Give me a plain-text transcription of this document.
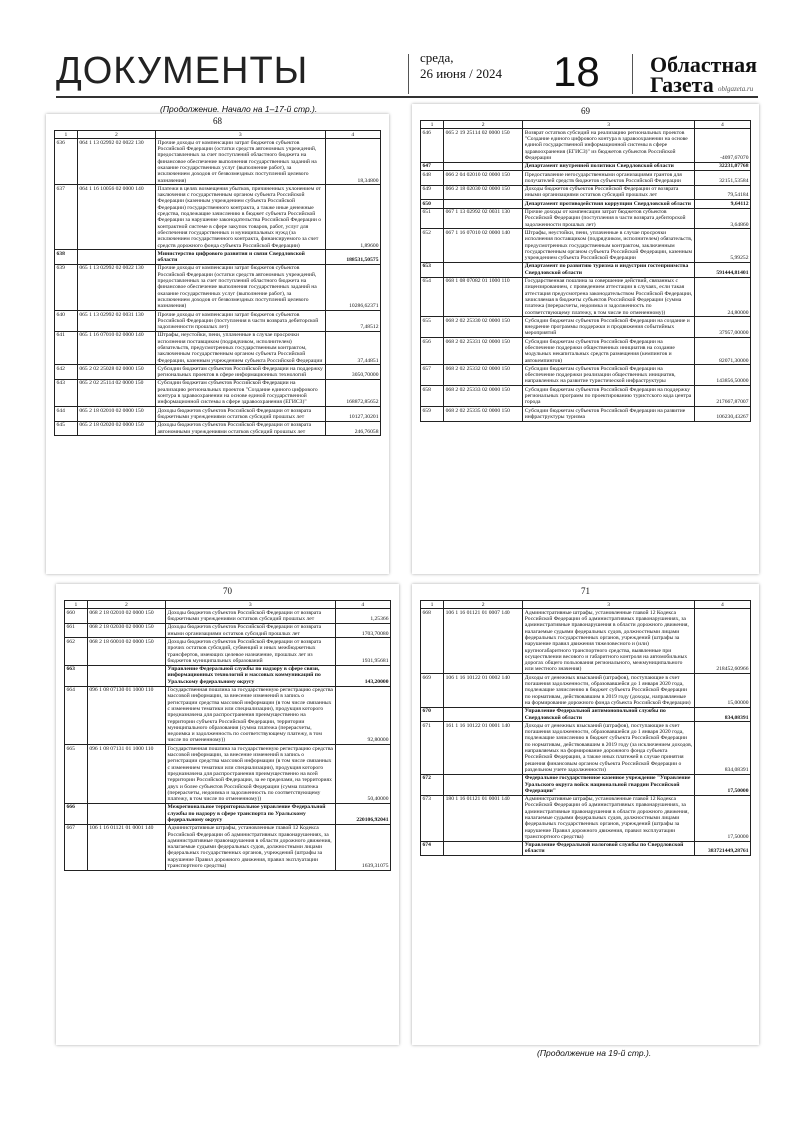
ДОКУМЕНТЫ	среда,
26 июня / 2024 18 Областная
Газета oblgazeta.ru
(Продолжение. Начало на 1–17-й стр.).
68
1	2	3	4
636	064 1 13 02992 02 0022 130	Прочие доходы от компенсации затрат бюджетов субъектов Российской Федерации (остатки средств автономных учреждений, предоставленных за счет поступлений областного бюджета на финансовое обеспечение выполнения государственных заданий на оказание государственных услуг (выполнение работ), за исключением доходов от безвозмездных поступлений целевого назначения)	18,34800
637	064 1 16 10056 02 0000 140	Платежи в целях возмещения убытков, причиненных уклонением от заключения с государственным органом субъекта Российской Федерации (казенным учреждением субъекта Российской Федерации) государственного контракта, а также иные денежные средства, подлежащие зачислению в бюджет субъекта Российской Федерации за нарушение законодательства Российской Федерации о контрактной системе в сфере закупок товаров, работ, услуг для обеспечения государственных и муниципальных нужд (за исключением государственного контракта, финансируемого за счет средств дорожного фонда субъекта Российской Федерации)	1,89600
638		Министерство цифрового развития и связи Свердловской области	188531,50575
639	065 1 13 02992 02 0022 130	Прочие доходы от компенсации затрат бюджетов субъектов Российской Федерации (остатки средств автономных учреждений, предоставленных за счет поступлений областного бюджета на финансовое обеспечение выполнения государственных заданий на оказание государственных услуг (выполнение работ), за исключением доходов от безвозмездных поступлений целевого назначения)	10286,62371
640	065 1 13 02992 02 0031 130	Прочие доходы от компенсации затрат бюджетов субъектов Российской Федерации (поступления в части возврата дебиторской задолженности прошлых лет)	7,48512
641	065 1 16 07010 02 0000 140	Штрафы, неустойки, пени, уплаченные в случае просрочки исполнения поставщиком (подрядчиком, исполнителем) обязательств, предусмотренных государственным контрактом, заключенным государственным органом субъекта Российской Федерации, казенным учреждением субъекта Российской Федерации	37,44851
642	065 2 02 25028 02 0000 150	Субсидии бюджетам субъектов Российской Федерации на поддержку региональных проектов в сфере информационных технологий	3050,70000
643	065 2 02 25114 02 0000 150	Субсидии бюджетам субъектов Российской Федерации на реализацию региональных проектов "Создание единого цифрового контура в здравоохранении на основе единой государственной информационной системы в сфере здравоохранения (ЕГИСЗ)"	168872,85652
644	065 2 18 02010 02 0000 150	Доходы бюджетов субъектов Российской Федерации от возврата бюджетными учреждениями остатков субсидий прошлых лет	10127,30201
645	065 2 18 02020 02 0000 150	Доходы бюджетов субъектов Российской Федерации от возврата автономными учреждениями остатков субсидий прошлых лет	246,76058
69
1	2	3	4
646	065 2 19 25114 02 0000 150	Возврат остатков субсидий на реализацию региональных проектов "Создание единого цифрового контура в здравоохранении на основе единой государственной информационной системы в сфере здравоохранения (ЕГИСЗ)" из бюджетов субъектов Российской Федерации	-4097,67070
647		Департамент внутренней политики Свердловской области	32231,07768
648	066 2 04 02010 02 0000 150	Предоставление негосударственными организациями грантов для получателей средств бюджетов субъектов Российской Федерации	32151,53584
649	066 2 18 02030 02 0000 150	Доходы бюджетов субъектов Российской Федерации от возврата иными организациями остатков субсидий прошлых лет	79,54184
650		Департамент противодействия коррупции Свердловской области	9,64112
651	067 1 13 02992 02 0031 130	Прочие доходы от компенсации затрат бюджетов субъектов Российской Федерации (поступления в части возврата дебиторской задолженности прошлых лет)	3,64860
652	067 1 16 07010 02 0000 140	Штрафы, неустойки, пени, уплаченные в случае просрочки исполнения поставщиком (подрядчиком, исполнителем) обязательств, предусмотренных государственным контрактом, заключенным государственным органом субъекта Российской Федерации, казенным учреждением субъекта Российской Федерации	5,99252
653		Департамент по развитию туризма и индустрии гостеприимства Свердловской области	591444,81401
654	068 1 08 07082 01 1000 110	Государственная пошлина за совершение действий, связанных с лицензированием, с проведением аттестации в случаях, если такая аттестация предусмотрена законодательством Российской Федерации, зачисляемая в бюджеты субъектов Российской Федерации (сумма платежа (перерасчеты, недоимка и задолженность по соответствующему платежу, в том числе по отмененному))	24,80000
655	068 2 02 25330 02 0000 150	Субсидии бюджетам субъектов Российской Федерации на создание и внедрение программы поддержки и продвижения событийных мероприятий	37957,00000
656	068 2 02 25331 02 0000 150	Субсидии бюджетам субъектов Российской Федерации на обеспечение поддержки общественных инициатив на создание модульных некапитальных средств размещения (кемпингов и автокемпингов)	82071,30000
657	068 2 02 25332 02 0000 150	Субсидии бюджетам субъектов Российской Федерации на обеспечение поддержки реализации общественных инициатив, направленных на развитие туристической инфраструктуры	143856,50000
658	068 2 02 25333 02 0000 150	Субсидии бюджетам субъектов Российской Федерации на поддержку региональных программ по проектированию туристского кода центра города	217667,87007
659	068 2 02 25335 02 0000 150	Субсидии бюджетам субъектов Российской Федерации на развитие инфраструктуры туризма	106230,43267
70
1	2	3	4
660	068 2 18 02010 02 0000 150	Доходы бюджетов субъектов Российской Федерации от возврата бюджетными учреждениями остатков субсидий прошлых лет	1,25366
661	068 2 18 02030 02 0000 150	Доходы бюджетов субъектов Российской Федерации от возврата иными организациями остатков субсидий прошлых лет	1703,70080
662	068 2 18 60010 02 0000 150	Доходы бюджетов субъектов Российской Федерации от возврата прочих остатков субсидий, субвенций и иных межбюджетных трансфертов, имеющих целевое назначение, прошлых лет из бюджетов муниципальных образований	1931,95681
663		Управление Федеральной службы по надзору в сфере связи, информационных технологий и массовых коммуникаций по Уральскому федеральному округу	143,20000
664	096 1 08 07130 01 1000 110	Государственная пошлина за государственную регистрацию средства массовой информации, за внесение изменений в запись о регистрации средства массовой информации (в том числе связанных с изменением тематики или специализации), продукция которого предназначена для распространения преимущественно на территории субъекта Российской Федерации, территории муниципального образования (сумма платежа (перерасчеты, недоимка и задолженность по соответствующему платежу, в том числе по отмененному))	92,80000
665	096 1 08 07131 01 1000 110	Государственная пошлина за государственную регистрацию средства массовой информации, за внесение изменений в запись о регистрации средства массовой информации (в том числе связанных с изменением тематики или специализации), продукция которого предназначена для распространения преимущественно на всей территории Российской Федерации, за ее пределами, на территориях двух и более субъектов Российской Федерации (сумма платежа (перерасчеты, недоимка и задолженность по соответствующему платежу, в том числе по отмененному))	50,40000
666		Межрегиональное территориальное управление Федеральной службы по надзору в сфере транспорта по Уральскому федеральному округу	220106,92041
667	106 1 16 01121 01 0001 140	Административные штрафы, установленные главой 12 Кодекса Российской Федерации об административных правонарушениях, за административные правонарушения в области дорожного движения, налагаемые судьями федеральных судов, должностными лицами федеральных государственных органов, учреждений (штрафы за нарушение Правил дорожного движения, правил эксплуатации транспортного средства)	1639,31075
71
1	2	3	4
668	106 1 16 01121 01 0007 140	Административные штрафы, установленные главой 12 Кодекса Российской Федерации об административных правонарушениях, за административные правонарушения в области дорожного движения, налагаемые судьями федеральных судов, должностными лицами федеральных государственных органов, учреждений (штрафы за нарушение правил движения тяжеловесного и (или) крупногабаритного транспортного средства, выявленные при осуществлении весового и габаритного контроля на автомобильных дорогах общего пользования регионального, межмуниципального или местного значения)	218452,60966
669	106 1 16 10122 01 0002 140	Доходы от денежных взысканий (штрафов), поступающие в счет погашения задолженности, образовавшейся до 1 января 2020 года, подлежащие зачислению в бюджет субъекта Российской Федерации по нормативам, действовавшим в 2019 году (доходы, направляемые на формирование дорожного фонда субъекта Российской Федерации)	15,00000
670		Управление Федеральной антимонопольной службы по Свердловской области	834,08391
671	161 1 16 10122 01 0001 140	Доходы от денежных взысканий (штрафов), поступающие в счет погашения задолженности, образовавшейся до 1 января 2020 года, подлежащие зачислению в бюджет субъекта Российской Федерации по нормативам, действовавшим в 2019 году (за исключением доходов, направляемых на формирование дорожного фонда субъекта Российской Федерации, а также иных платежей в случае принятия решения финансовым органом субъекта Российской Федерации о раздельном учете задолженности)	834,08391
672		Федеральное государственное казенное учреждение "Управление Уральского округа войск национальной гвардии Российской Федерации"	17,50000
673	180 1 16 01121 01 0001 140	Административные штрафы, установленные главой 12 Кодекса Российской Федерации об административных правонарушениях, за административные правонарушения в области дорожного движения, налагаемые судьями федеральных судов, должностными лицами федеральных государственных органов, учреждений (штрафы за нарушение Правил дорожного движения, правил эксплуатации транспортного средства)	17,50000
674		Управление Федеральной налоговой службы по Свердловской области	383721449,28761
(Продолжение на 19-й стр.).
